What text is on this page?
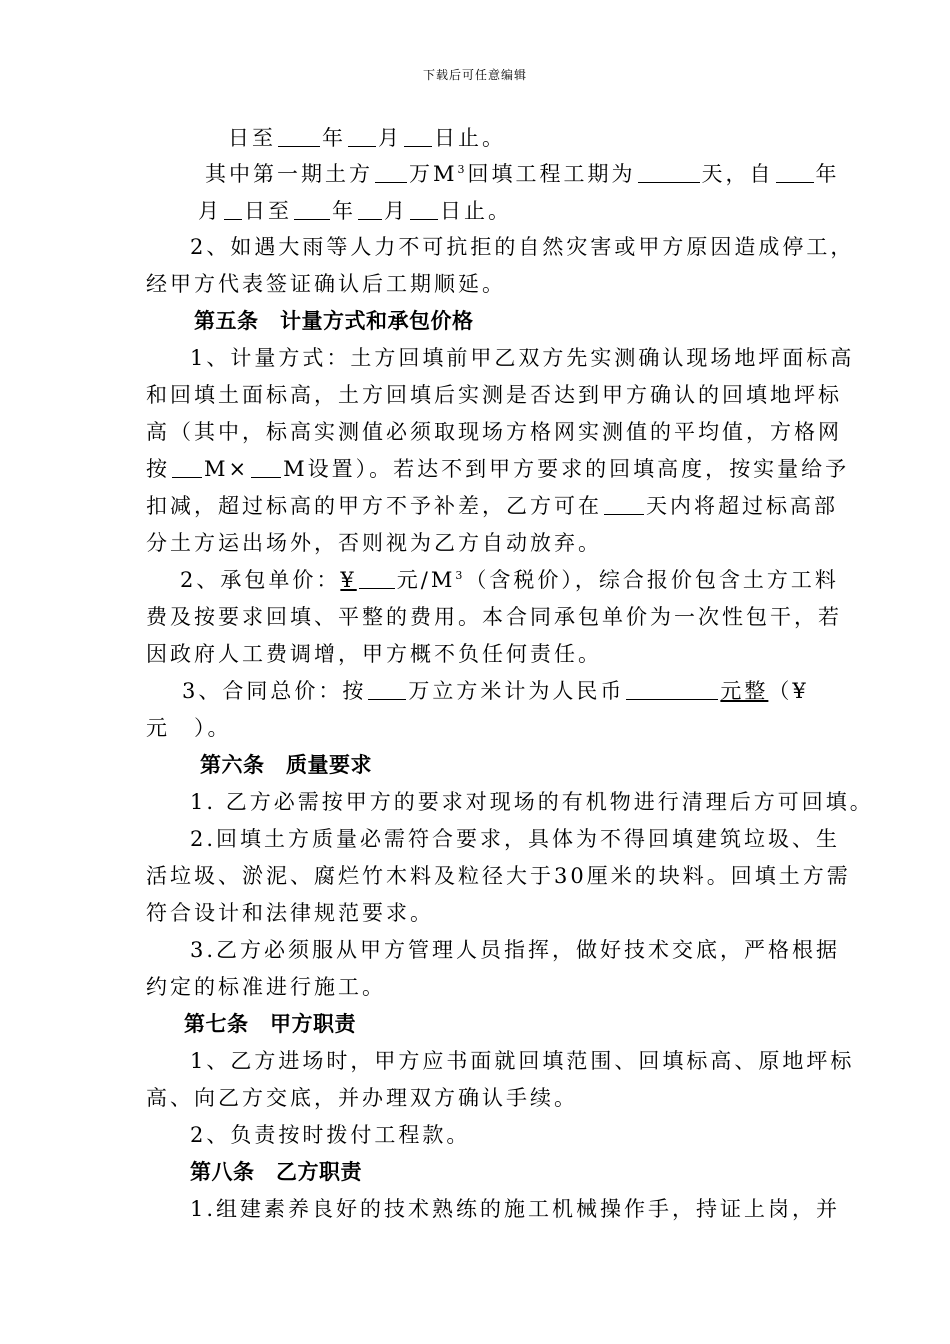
下载后可任意编辑
日至 年 月 日止。
其中第一期土方 万$M^3$回填工程工期为	天，自 年
月 日至 年 月 日止。
2、如遇大雨等人力不可抗拒的自然灾害或甲方原因造成停工，
经甲方代表签证确认后工期顺延。
第五条　计量方式和承包价格
1、计量方式：土方回填前甲乙双方先实测确认现场地坪面标高
和回填土面标高，土方回填后实测是否达到甲方确认的回填地坪标
高（其中，标高实测值必须取现场方格网实测值的平均值，方格网
按 M× M设置）。若达不到甲方要求的回填高度，按实量给予
扣减，超过标高的甲方不予补差，乙方可在 天内将超过标高部
分土方运出场外，否则视为乙方自动放弃。
2、承包单价：¥ 元$/M^3$（含税价），综合报价包含土方工料
费及按要求回填、平整的费用。本合同承包单价为一次性包干，若
因政府人工费调增，甲方概不负任何责任。
3、合同总价：按 万立方米计为人民币	元整（¥
元　）。
第六条　质量要求
1. 乙方必需按甲方的要求对现场的有机物进行清理后方可回填。
2.回填土方质量必需符合要求，具体为不得回填建筑垃圾、生
活垃圾、淤泥、腐烂竹木料及粒径大于30厘米的块料。回填土方需
符合设计和法律规范要求。
3.乙方必须服从甲方管理人员指挥，做好技术交底，严格根据
约定的标准进行施工。
第七条　甲方职责
1、乙方进场时，甲方应书面就回填范围、回填标高、原地坪标
高、向乙方交底，并办理双方确认手续。
2、负责按时拨付工程款。
第八条　乙方职责
1.组建素养良好的技术熟练的施工机械操作手，持证上岗，并
